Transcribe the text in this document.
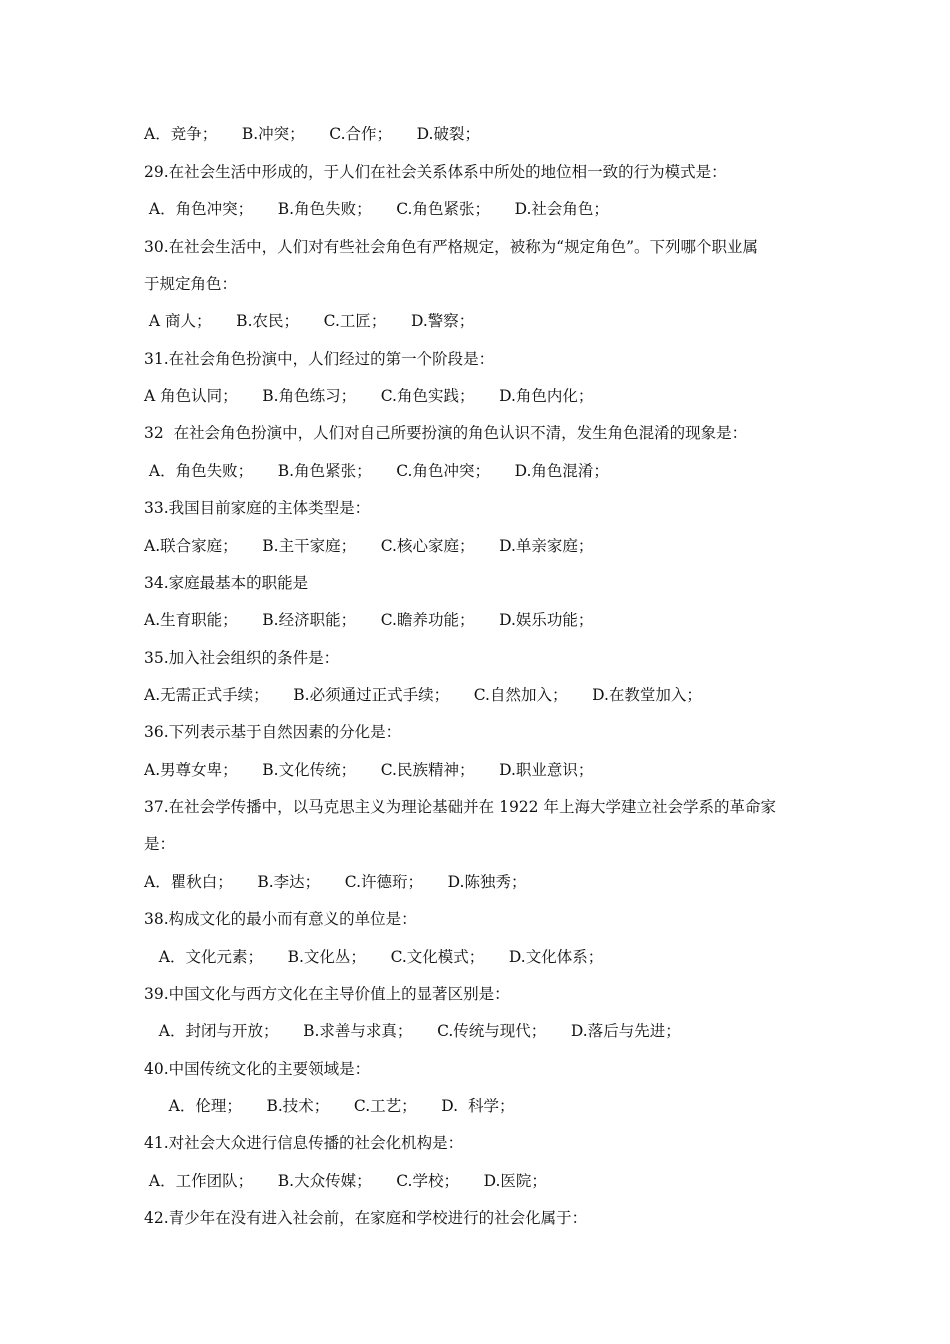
A．竞争；     B.冲突；     C.合作；     D.破裂；
29.在社会生活中形成的，于人们在社会关系体系中所处的地位相一致的行为模式是：
A．角色冲突；     B.角色失败；     C.角色紧张；     D.社会角色；
30.在社会生活中，人们对有些社会角色有严格规定，被称为“规定角色”。下列哪个职业属
于规定角色：
A 商人；     B.农民；     C.工匠；     D.警察；
31.在社会角色扮演中，人们经过的第一个阶段是：
A 角色认同；     B.角色练习；     C.角色实践；     D.角色内化；
32  在社会角色扮演中，人们对自己所要扮演的角色认识不清，发生角色混淆的现象是：
A．角色失败；     B.角色紧张；     C.角色冲突；     D.角色混淆；
33.我国目前家庭的主体类型是：
A.联合家庭；     B.主干家庭；     C.核心家庭；     D.单亲家庭；
34.家庭最基本的职能是
A.生育职能；     B.经济职能；     C.瞻养功能；     D.娱乐功能；
35.加入社会组织的条件是：
A.无需正式手续；     B.必须通过正式手续；     C.自然加入；     D.在教堂加入；
36.下列表示基于自然因素的分化是：
A.男尊女卑；     B.文化传统；     C.民族精神；     D.职业意识；
37.在社会学传播中，以马克思主义为理论基础并在 1922 年上海大学建立社会学系的革命家
是：
A．瞿秋白；     B.李达；     C.许德珩；     D.陈独秀；
38.构成文化的最小而有意义的单位是：
A．文化元素；     B.文化丛；     C.文化模式；     D.文化体系；
39.中国文化与西方文化在主导价值上的显著区别是：
A．封闭与开放；     B.求善与求真；     C.传统与现代；     D.落后与先进；
40.中国传统文化的主要领域是：
A．伦理；     B.技术；     C.工艺；     D.  科学；
41.对社会大众进行信息传播的社会化机构是：
A．工作团队；     B.大众传媒；     C.学校；     D.医院；
42.青少年在没有进入社会前，在家庭和学校进行的社会化属于：
